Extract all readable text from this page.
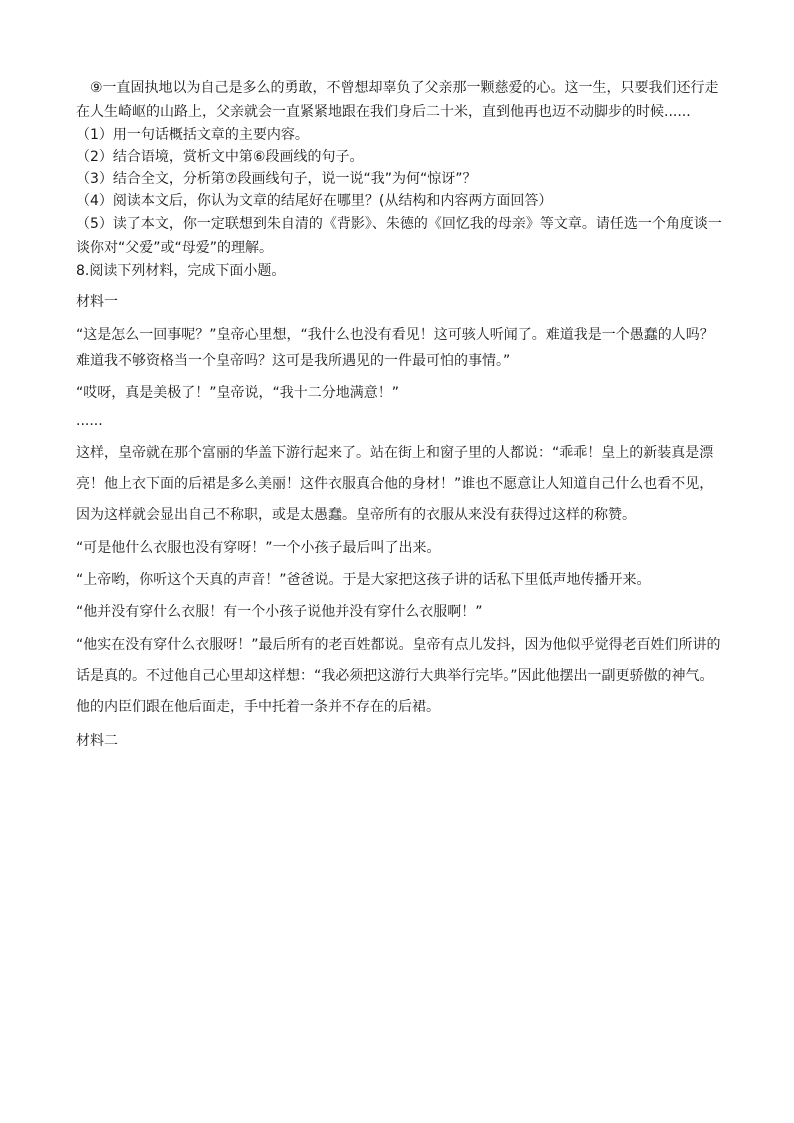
⑨一直固执地以为自己是多么的勇敢，不曾想却辜负了父亲那一颗慈爱的心。这一生，只要我们还行走在人生崎岖的山路上，父亲就会一直紧紧地跟在我们身后二十米，直到他再也迈不动脚步的时候......

（1）用一句话概括文章的主要内容。

（2）结合语境，赏析文中第⑥段画线的句子。

（3）结合全文，分析第⑦段画线句子，说一说“我”为何“惊讶”？

（4）阅读本文后，你认为文章的结尾好在哪里？(从结构和内容两方面回答）

（5）读了本文，你一定联想到朱自清的《背影》、朱德的《回忆我的母亲》等文章。请任选一个角度谈一谈你对“父爱”或“母爱”的理解。

8.阅读下列材料，完成下面小题。

材料一

“这是怎么一回事呢？”皇帝心里想，“我什么也没有看见！这可骇人听闻了。难道我是一个愚蠢的人吗？难道我不够资格当一个皇帝吗？这可是我所遇见的一件最可怕的事情。”

“哎呀，真是美极了！”皇帝说，“我十二分地满意！”

......

这样，皇帝就在那个富丽的华盖下游行起来了。站在街上和窗子里的人都说：“乖乖！皇上的新装真是漂亮！他上衣下面的后裙是多么美丽！这件衣服真合他的身材！”谁也不愿意让人知道自己什么也看不见，因为这样就会显出自己不称职，或是太愚蠢。皇帝所有的衣服从来没有获得过这样的称赞。

“可是他什么衣服也没有穿呀！”一个小孩子最后叫了出来。

“上帝哟，你听这个天真的声音！”爸爸说。于是大家把这孩子讲的话私下里低声地传播开来。

“他并没有穿什么衣服！有一个小孩子说他并没有穿什么衣服啊！”

“他实在没有穿什么衣服呀！”最后所有的老百姓都说。皇帝有点儿发抖，因为他似乎觉得老百姓们所讲的话是真的。不过他自己心里却这样想：“我必须把这游行大典举行完毕。”因此他摆出一副更骄傲的神气。他的内臣们跟在他后面走，手中托着一条并不存在的后裙。

材料二
